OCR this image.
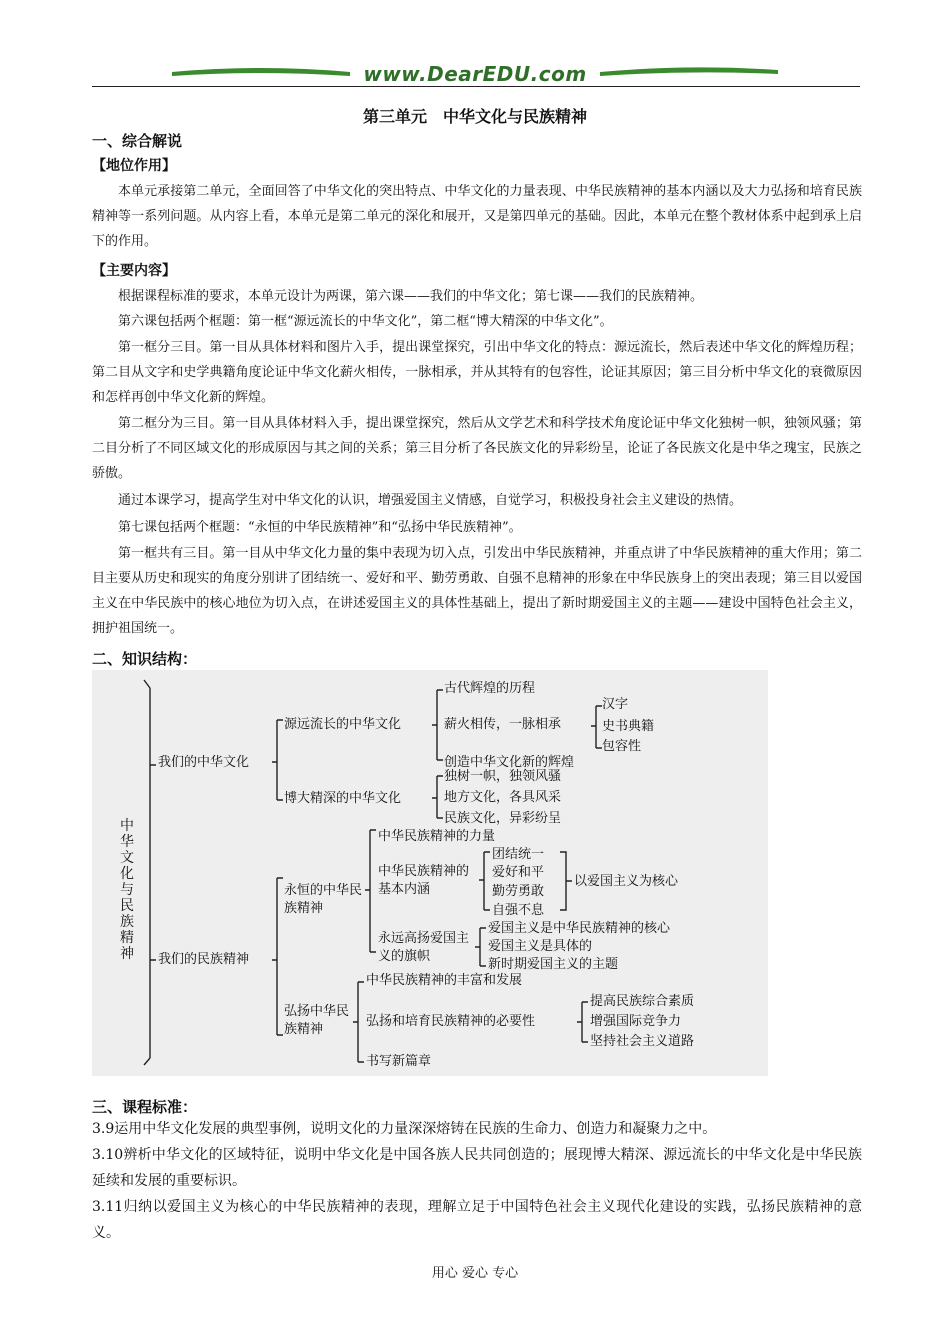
www.DearEDU.com
第三单元　中华文化与民族精神
一、综合解说
【地位作用】
本单元承接第二单元，全面回答了中华文化的突出特点、中华文化的力量表现、中华民族精神的基本内涵以及大力弘扬和培育民族精神等一系列问题。从内容上看，本单元是第二单元的深化和展开，又是第四单元的基础。因此，本单元在整个教材体系中起到承上启下的作用。
【主要内容】
根据课程标准的要求，本单元设计为两课，第六课——我们的中华文化；第七课——我们的民族精神。
第六课包括两个框题：第一框“源远流长的中华文化”，第二框“博大精深的中华文化”。
第一框分三目。第一目从具体材料和图片入手，提出课堂探究，引出中华文化的特点：源远流长，然后表述中华文化的辉煌历程；第二目从文字和史学典籍角度论证中华文化薪火相传，一脉相承，并从其特有的包容性，论证其原因；第三目分析中华文化的衰微原因和怎样再创中华文化新的辉煌。
第二框分为三目。第一目从具体材料入手，提出课堂探究，然后从文学艺术和科学技术角度论证中华文化独树一帜，独领风骚；第二目分析了不同区域文化的形成原因与其之间的关系；第三目分析了各民族文化的异彩纷呈，论证了各民族文化是中华之瑰宝，民族之骄傲。
通过本课学习，提高学生对中华文化的认识，增强爱国主义情感，自觉学习，积极投身社会主义建设的热情。
第七课包括两个框题：“永恒的中华民族精神”和“弘扬中华民族精神”。
第一框共有三目。第一目从中华文化力量的集中表现为切入点，引发出中华民族精神，并重点讲了中华民族精神的重大作用；第二目主要从历史和现实的角度分别讲了团结统一、爱好和平、勤劳勇敢、自强不息精神的形象在中华民族身上的突出表现；第三目以爱国主义在中华民族中的核心地位为切入点，在讲述爱国主义的具体性基础上，提出了新时期爱国主义的主题——建设中国特色社会主义，拥护祖国统一。
二、知识结构：
中华文化与民族精神
我们的中华文化
源远流长的中华文化
古代辉煌的历程
薪火相传，一脉相承
汉字
史书典籍
包容性
创造中华文化新的辉煌
博大精深的中华文化
独树一帜，独领风骚
地方文化，各具风采
民族文化，异彩纷呈
我们的民族精神
永恒的中华民族精神
中华民族精神的力量
中华民族精神的基本内涵
团结统一
爱好和平
勤劳勇敢
自强不息
以爱国主义为核心
永远高扬爱国主义的旗帜
爱国主义是中华民族精神的核心
爱国主义是具体的
新时期爱国主义的主题
弘扬中华民族精神
中华民族精神的丰富和发展
弘扬和培育民族精神的必要性
提高民族综合素质
增强国际竞争力
坚持社会主义道路
书写新篇章
三、课程标准：
3.9运用中华文化发展的典型事例，说明文化的力量深深熔铸在民族的生命力、创造力和凝聚力之中。
3.10辨析中华文化的区域特征，说明中华文化是中国各族人民共同创造的；展现博大精深、源远流长的中华文化是中华民族延续和发展的重要标识。
3.11归纳以爱国主义为核心的中华民族精神的表现，理解立足于中国特色社会主义现代化建设的实践，弘扬民族精神的意义。
用心 爱心 专心
